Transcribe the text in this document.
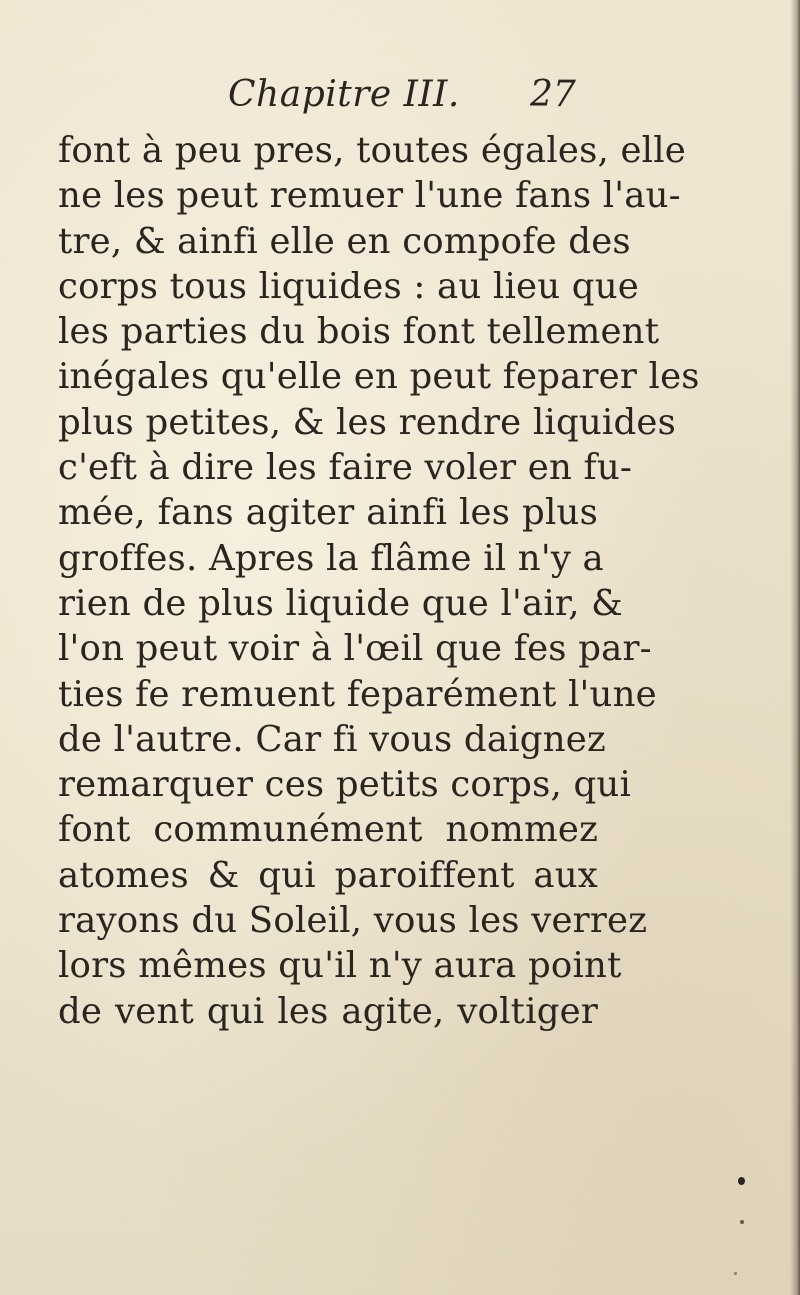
Chapitre III. 27
font à peu pres, toutes égales, elle
ne les peut remuer l'une fans l'au-
tre, & ainfi elle en compofe des
corps tous liquides : au lieu que
les parties du bois font tellement
inégales qu'elle en peut feparer les
plus petites, & les rendre liquides
c'eft à dire les faire voler en fu-
mée, fans agiter ainfi les plus
groffes. Apres la flâme il n'y a
rien de plus liquide que l'air, &
l'on peut voir à l'œil que fes par-
ties fe remuent feparément l'une
de l'autre. Car fi vous daignez
remarquer ces petits corps, qui
font communément nommez
atomes & qui paroiffent aux
rayons du Soleil, vous les verrez
lors mêmes qu'il n'y aura point
de vent qui les agite, voltiger
